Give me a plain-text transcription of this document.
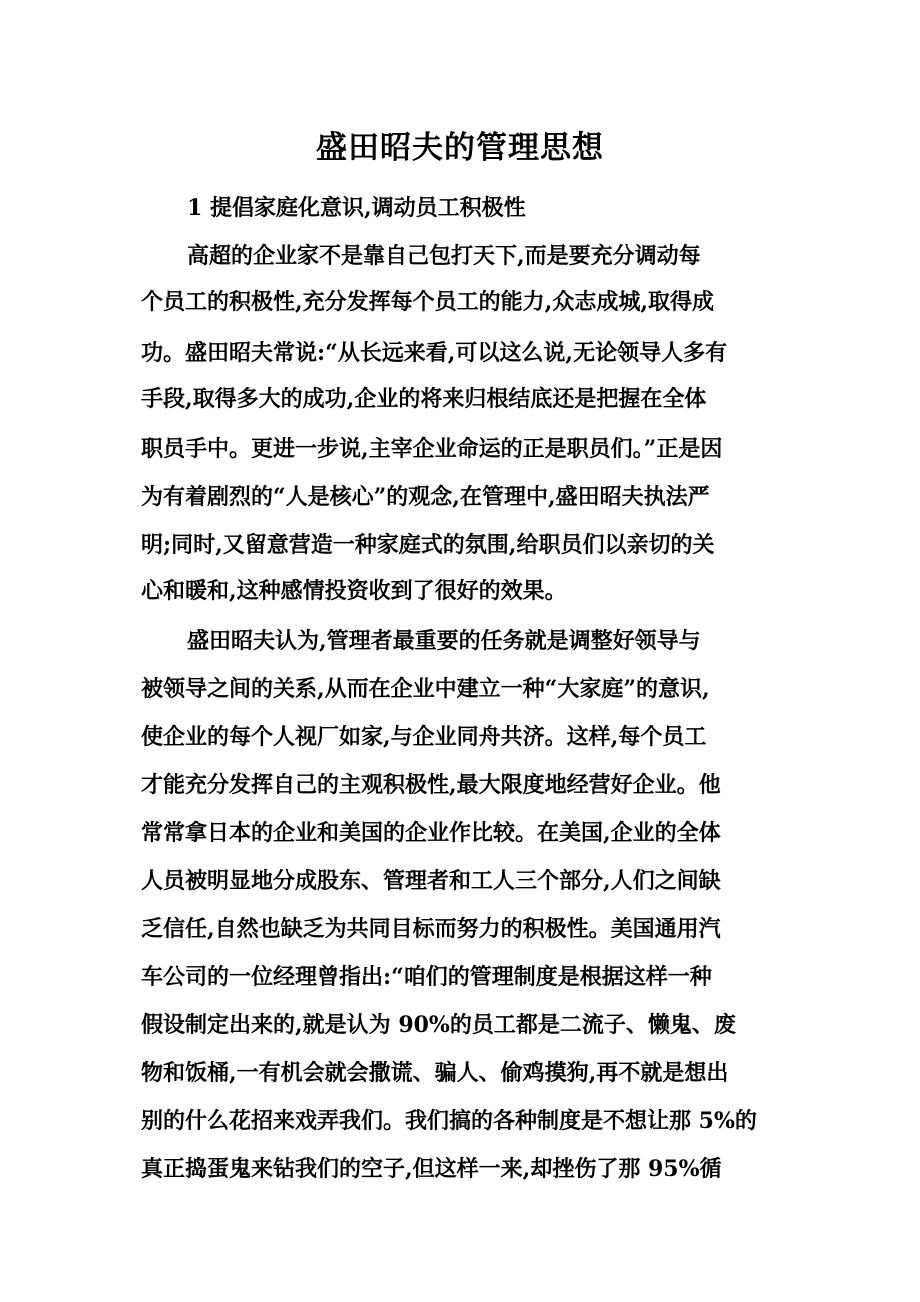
盛田昭夫的管理思想
1 提倡家庭化意识,调动员工积极性
高超的企业家不是靠自己包打天下,而是要充分调动每
个员工的积极性,充分发挥每个员工的能力,众志成城,取得成
功。盛田昭夫常说:“从长远来看,可以这么说,无论领导人多有
手段,取得多大的成功,企业的将来归根结底还是把握在全体
职员手中。更进一步说,主宰企业命运的正是职员们。”正是因
为有着剧烈的“人是核心”的观念,在管理中,盛田昭夫执法严
明;同时,又留意营造一种家庭式的氛围,给职员们以亲切的关
心和暖和,这种感情投资收到了很好的效果。
盛田昭夫认为,管理者最重要的任务就是调整好领导与
被领导之间的关系,从而在企业中建立一种“大家庭”的意识,
使企业的每个人视厂如家,与企业同舟共济。这样,每个员工
才能充分发挥自己的主观积极性,最大限度地经营好企业。他
常常拿日本的企业和美国的企业作比较。在美国,企业的全体
人员被明显地分成股东、管理者和工人三个部分,人们之间缺
乏信任,自然也缺乏为共同目标而努力的积极性。美国通用汽
车公司的一位经理曾指出:“咱们的管理制度是根据这样一种
假设制定出来的,就是认为 90%的员工都是二流子、懒鬼、废
物和饭桶,一有机会就会撒谎、骗人、偷鸡摸狗,再不就是想出
别的什么花招来戏弄我们。我们搞的各种制度是不想让那 5%的
真正捣蛋鬼来钻我们的空子,但这样一来,却挫伤了那 95%循
